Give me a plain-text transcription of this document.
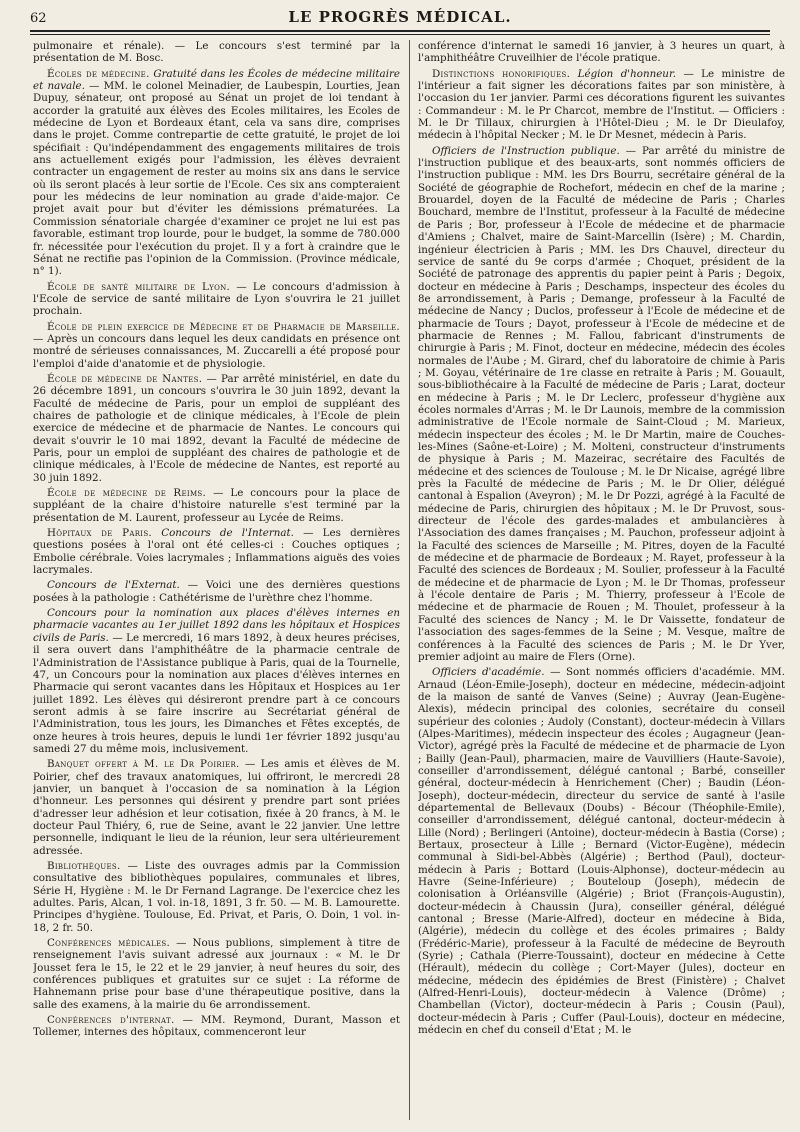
62	LE PROGRÈS MÉDICAL.

pulmonaire et rénale). — Le concours s'est terminé par la présentation de M. Bosc.

Écoles de médecine. Gratuité dans les Écoles de médecine militaire et navale. — MM. le colonel Meinadier, de Laubespin, Lourties, Jean Dupuy, sénateur, ont proposé au Sénat un projet de loi tendant à accorder la gratuité aux élèves des Ecoles militaires, les Ecoles de médecine de Lyon et Bordeaux étant, cela va sans dire, comprises dans le projet. Comme contrepartie de cette gratuité, le projet de loi spécifiait : Qu'indépendamment des engagements militaires de trois ans actuellement exigés pour l'admission, les élèves devraient contracter un engagement de rester au moins six ans dans le service où ils seront placés à leur sortie de l'Ecole. Ces six ans compteraient pour les médecins de leur nomination au grade d'aide-major. Ce projet avait pour but d'éviter les démissions prématurées. La Commission sénatoriale chargée d'examiner ce projet ne lui est pas favorable, estimant trop lourde, pour le budget, la somme de 780.000 fr. nécessitée pour l'exécution du projet. Il y a fort à craindre que le Sénat ne rectifie pas l'opinion de la Commission. (Province médicale, n° 1).

École de santé militaire de Lyon. — Le concours d'admission à l'Ecole de service de santé militaire de Lyon s'ouvrira le 21 juillet prochain.

École de plein exercice de Médecine et de Pharmacie de Marseille. — Après un concours dans lequel les deux candidats en présence ont montré de sérieuses connaissances, M. Zuccarelli a été proposé pour l'emploi d'aide d'anatomie et de physiologie.

École de médecine de Nantes. — Par arrêté ministériel, en date du 26 décembre 1891, un concours s'ouvrira le 30 juin 1892, devant la Faculté de médecine de Paris, pour un emploi de suppléant des chaires de pathologie et de clinique médicales, à l'Ecole de plein exercice de médecine et de pharmacie de Nantes. Le concours qui devait s'ouvrir le 10 mai 1892, devant la Faculté de médecine de Paris, pour un emploi de suppléant des chaires de pathologie et de clinique médicales, à l'Ecole de médecine de Nantes, est reporté au 30 juin 1892.

École de médecine de Reims. — Le concours pour la place de suppléant de la chaire d'histoire naturelle s'est terminé par la présentation de M. Laurent, professeur au Lycée de Reims.

Hôpitaux de Paris. Concours de l'Internat. — Les dernières questions posées à l'oral ont été celles-ci : Couches optiques ; Embolie cérébrale. Voies lacrymales ; Inflammations aiguës des voies lacrymales.

Concours de l'Externat. — Voici une des dernières questions posées à la pathologie : Cathétérisme de l'urèthre chez l'homme.

Concours pour la nomination aux places d'élèves internes en pharmacie vacantes au 1er juillet 1892 dans les hôpitaux et Hospices civils de Paris. — Le mercredi, 16 mars 1892, à deux heures précises, il sera ouvert dans l'amphithéâtre de la pharmacie centrale de l'Administration de l'Assistance publique à Paris, quai de la Tournelle, 47, un Concours pour la nomination aux places d'élèves internes en Pharmacie qui seront vacantes dans les Hôpitaux et Hospices au 1er juillet 1892. Les élèves qui désireront prendre part à ce concours seront admis à se faire inscrire au Secrétariat général de l'Administration, tous les jours, les Dimanches et Fêtes exceptés, de onze heures à trois heures, depuis le lundi 1er février 1892 jusqu'au samedi 27 du même mois, inclusivement.

Banquet offert à M. le Dr Poirier. — Les amis et élèves de M. Poirier, chef des travaux anatomiques, lui offriront, le mercredi 28 janvier, un banquet à l'occasion de sa nomination à la Légion d'honneur. Les personnes qui désirent y prendre part sont priées d'adresser leur adhésion et leur cotisation, fixée à 20 francs, à M. le docteur Paul Thiéry, 6, rue de Seine, avant le 22 janvier. Une lettre personnelle, indiquant le lieu de la réunion, leur sera ultérieurement adressée.

Bibliothèques. — Liste des ouvrages admis par la Commission consultative des bibliothèques populaires, communales et libres, Série H, Hygiène : M. le Dr Fernand Lagrange. De l'exercice chez les adultes. Paris, Alcan, 1 vol. in-18, 1891, 3 fr. 50. — M. B. Lamourette. Principes d'hygiène. Toulouse, Ed. Privat, et Paris, O. Doin, 1 vol. in-18, 2 fr. 50.

Conférences médicales. — Nous publions, simplement à titre de renseignement l'avis suivant adressé aux journaux : « M. le Dr Jousset fera le 15, le 22 et le 29 janvier, à neuf heures du soir, des conférences publiques et gratuites sur ce sujet : La réforme de Hahnemann prise pour base d'une thérapeutique positive, dans la salle des examens, à la mairie du 6e arrondissement.

Conférences d'internat. — MM. Reymond, Durant, Masson et Tollemer, internes des hôpitaux, commenceront leur

conférence d'internat le samedi 16 janvier, à 3 heures un quart, à l'amphithéâtre Cruveilhier de l'école pratique.

Distinctions honorifiques. Légion d'honneur. — Le ministre de l'intérieur a fait signer les décorations faites par son ministère, à l'occasion du 1er janvier. Parmi ces décorations figurent les suivantes : Commandeur : M. le Pr Charcot, membre de l'Institut. — Officiers : M. le Dr Tillaux, chirurgien à l'Hôtel-Dieu ; M. le Dr Dieulafoy, médecin à l'hôpital Necker ; M. le Dr Mesnet, médecin à Paris.

Officiers de l'Instruction publique. — Par arrêté du ministre de l'instruction publique et des beaux-arts, sont nommés officiers de l'instruction publique : MM. les Drs Bourru, secrétaire général de la Société de géographie de Rochefort, médecin en chef de la marine ; Brouardel, doyen de la Faculté de médecine de Paris ; Charles Bouchard, membre de l'Institut, professeur à la Faculté de médecine de Paris ; Bor, professeur à l'Ecole de médecine et de pharmacie d'Amiens ; Chalvet, maire de Saint-Marcellin (Isère) ; M. Chardin, ingénieur électricien à Paris ; MM. les Drs Chauvel, directeur du service de santé du 9e corps d'armée ; Choquet, président de la Société de patronage des apprentis du papier peint à Paris ; Degoix, docteur en médecine à Paris ; Deschamps, inspecteur des écoles du 8e arrondissement, à Paris ; Demange, professeur à la Faculté de médecine de Nancy ; Duclos, professeur à l'Ecole de médecine et de pharmacie de Tours ; Dayot, professeur à l'Ecole de médecine et de pharmacie de Rennes ; M. Fallou, fabricant d'instruments de chirurgie à Paris ; M. Finot, docteur en médecine, médecin des écoles normales de l'Aube ; M. Girard, chef du laboratoire de chimie à Paris ; M. Goyau, vétérinaire de 1re classe en retraite à Paris ; M. Gouault, sous-bibliothécaire à la Faculté de médecine de Paris ; Larat, docteur en médecine à Paris ; M. le Dr Leclerc, professeur d'hygiène aux écoles normales d'Arras ; M. le Dr Launois, membre de la commission administrative de l'Ecole normale de Saint-Cloud ; M. Marieux, médecin inspecteur des écoles ; M. le Dr Martin, maire de Couches-les-Mines (Saône-et-Loire) ; M. Molteni, constructeur d'instruments de physique à Paris ; M. Mazeirac, secrétaire des Facultés de médecine et des sciences de Toulouse ; M. le Dr Nicaise, agrégé libre près la Faculté de médecine de Paris ; M. le Dr Olier, délégué cantonal à Espalion (Aveyron) ; M. le Dr Pozzi, agrégé à la Faculté de médecine de Paris, chirurgien des hôpitaux ; M. le Dr Pruvost, sous-directeur de l'école des gardes-malades et ambulancières à l'Association des dames françaises ; M. Pauchon, professeur adjoint à la Faculté des sciences de Marseille ; M. Pitres, doyen de la Faculté de médecine et de pharmacie de Bordeaux ; M. Rayet, professeur à la Faculté des sciences de Bordeaux ; M. Soulier, professeur à la Faculté de médecine et de pharmacie de Lyon ; M. le Dr Thomas, professeur à l'école dentaire de Paris ; M. Thierry, professeur à l'Ecole de médecine et de pharmacie de Rouen ; M. Thoulet, professeur à la Faculté des sciences de Nancy ; M. le Dr Vaissette, fondateur de l'association des sages-femmes de la Seine ; M. Vesque, maître de conférences à la Faculté des sciences de Paris ; M. le Dr Yver, premier adjoint au maire de Flers (Orne).

Officiers d'académie. — Sont nommés officiers d'académie. MM. Arnaud (Léon-Emile-Joseph), docteur en médecine, médecin-adjoint de la maison de santé de Vanves (Seine) ; Auvray (Jean-Eugène-Alexis), médecin principal des colonies, secrétaire du conseil supérieur des colonies ; Audoly (Constant), docteur-médecin à Villars (Alpes-Maritimes), médecin inspecteur des écoles ; Augagneur (Jean-Victor), agrégé près la Faculté de médecine et de pharmacie de Lyon ; Bailly (Jean-Paul), pharmacien, maire de Vauvilliers (Haute-Savoie), conseiller d'arrondissement, délégué cantonal ; Barbé, conseiller général, docteur-médecin à Henrichement (Cher) ; Baudin (Léon-Joseph), docteur-médecin, directeur du service de santé à l'asile départemental de Bellevaux (Doubs) - Bécour (Théophile-Emile), conseiller d'arrondissement, délégué cantonal, docteur-médecin à Lille (Nord) ; Berlingeri (Antoine), docteur-médecin à Bastia (Corse) ; Bertaux, prosecteur à Lille ; Bernard (Victor-Eugène), médecin communal à Sidi-bel-Abbès (Algérie) ; Berthod (Paul), docteur-médecin à Paris ; Bottard (Louis-Alphonse), docteur-médecin au Havre (Seine-Inférieure) ; Bouteloup (Joseph), médecin de colonisation à Orléansville (Algérie) ; Briot (François-Augustin), docteur-médecin à Chaussin (Jura), conseiller général, délégué cantonal ; Bresse (Marie-Alfred), docteur en médecine à Bida, (Algérie), médecin du collège et des écoles primaires ; Baldy (Frédéric-Marie), professeur à la Faculté de médecine de Beyrouth (Syrie) ; Cathala (Pierre-Toussaint), docteur en médecine à Cette (Hérault), médecin du collège ; Cort-Mayer (Jules), docteur en médecine, médecin des épidémies de Brest (Finistère) ; Chalvet (Alfred-Henri-Louis), docteur-médecin à Valence (Drôme) ; Chambellan (Victor), docteur-médecin à Paris ; Cousin (Paul), docteur-médecin à Paris ; Cuffer (Paul-Louis), docteur en médecine, médecin en chef du conseil d'Etat ; M. le
